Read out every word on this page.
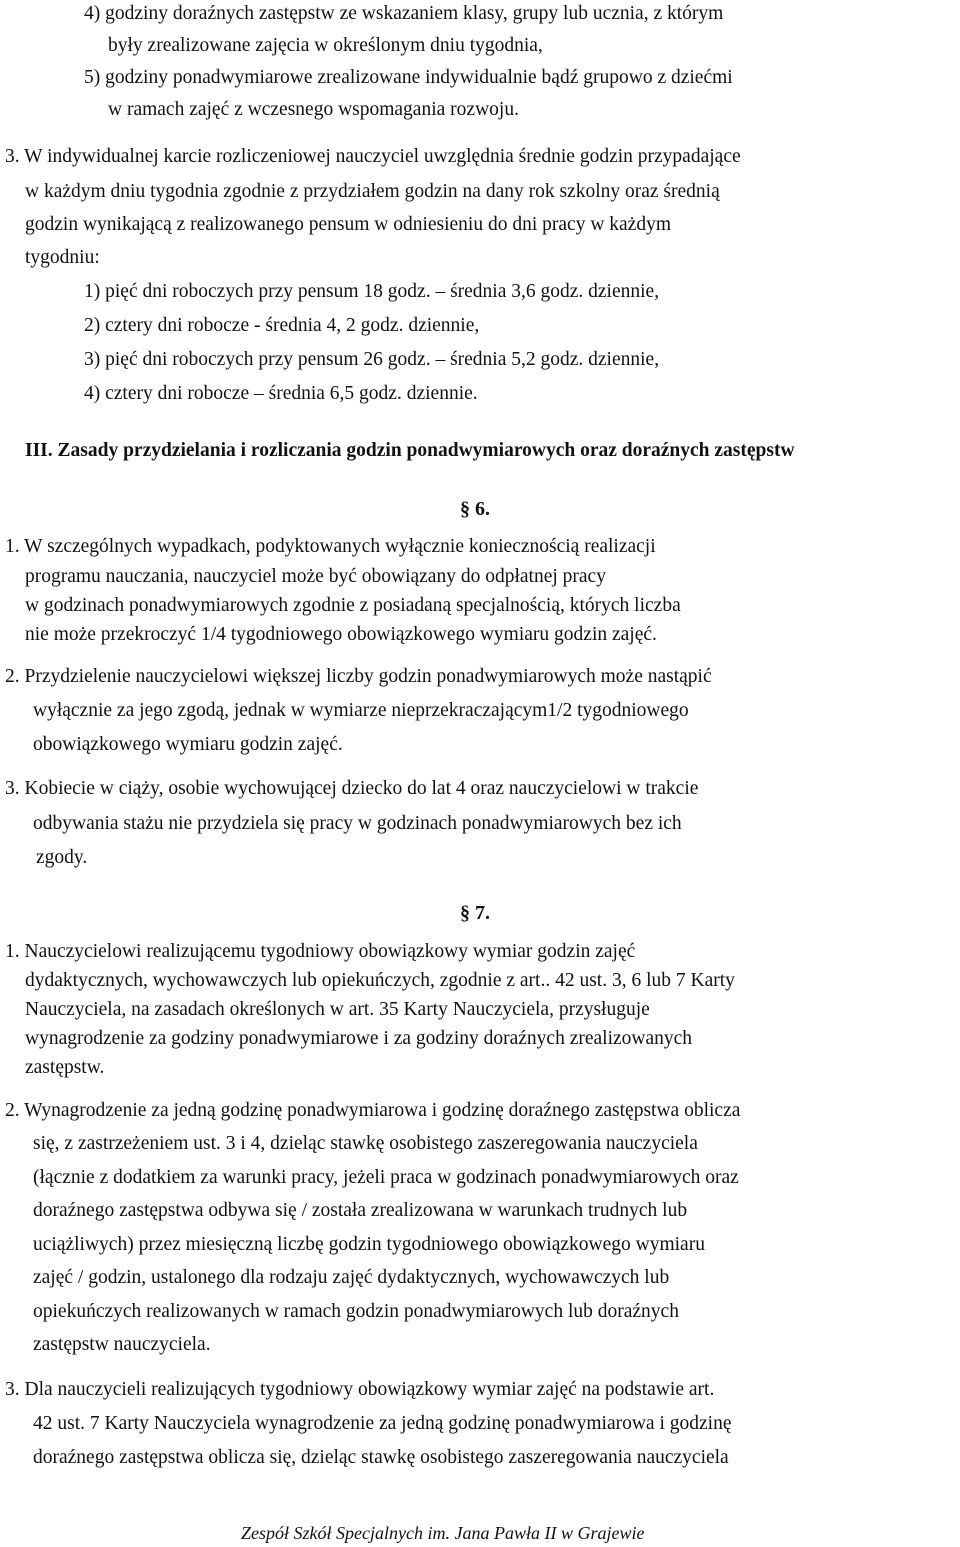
4) godziny doraźnych zastępstw ze wskazaniem klasy, grupy lub ucznia, z którym

były zrealizowane zajęcia w określonym dniu tygodnia,

5) godziny ponadwymiarowe zrealizowane indywidualnie bądź grupowo z dziećmi

w ramach zajęć z wczesnego wspomagania rozwoju.

3. W indywidualnej karcie rozliczeniowej nauczyciel uwzględnia średnie godzin przypadające

w każdym dniu tygodnia zgodnie z przydziałem godzin na dany rok szkolny oraz średnią

godzin wynikającą z realizowanego pensum w odniesieniu do dni pracy w każdym

tygodniu:

1) pięć dni roboczych przy pensum 18 godz. – średnia 3,6 godz. dziennie,

2) cztery dni robocze - średnia 4, 2 godz. dziennie,

3) pięć dni roboczych przy pensum 26 godz. – średnia 5,2 godz. dziennie,

4) cztery dni robocze – średnia 6,5 godz. dziennie.

III. Zasady przydzielania i rozliczania godzin ponadwymiarowych oraz doraźnych zastępstw

§ 6.

1. W szczególnych wypadkach, podyktowanych wyłącznie koniecznością realizacji

programu nauczania, nauczyciel może być obowiązany do odpłatnej pracy

w godzinach ponadwymiarowych zgodnie z posiadaną specjalnością, których liczba

nie może przekroczyć 1/4 tygodniowego obowiązkowego wymiaru godzin zajęć.

2. Przydzielenie nauczycielowi większej liczby godzin ponadwymiarowych może nastąpić

wyłącznie za jego zgodą, jednak w wymiarze nieprzekraczającym1/2 tygodniowego

obowiązkowego wymiaru godzin zajęć.

3. Kobiecie w ciąży, osobie wychowującej dziecko do lat 4 oraz nauczycielowi w trakcie

odbywania stażu nie przydziela się pracy w godzinach ponadwymiarowych bez ich

zgody.

§ 7.

1. Nauczycielowi realizującemu tygodniowy obowiązkowy wymiar godzin zajęć

dydaktycznych, wychowawczych lub opiekuńczych, zgodnie z art.. 42 ust. 3, 6 lub 7 Karty

Nauczyciela, na zasadach określonych w art. 35 Karty Nauczyciela, przysługuje

wynagrodzenie za godziny ponadwymiarowe i za godziny doraźnych zrealizowanych

zastępstw.

2. Wynagrodzenie za jedną godzinę ponadwymiarowa i godzinę doraźnego zastępstwa oblicza

się, z zastrzeżeniem ust. 3 i 4, dzieląc stawkę osobistego zaszeregowania nauczyciela

(łącznie z dodatkiem za warunki pracy, jeżeli praca w godzinach ponadwymiarowych oraz

doraźnego zastępstwa odbywa się / została zrealizowana w warunkach trudnych lub

uciążliwych) przez miesięczną liczbę godzin tygodniowego obowiązkowego wymiaru

zajęć / godzin, ustalonego dla rodzaju zajęć dydaktycznych, wychowawczych lub

opiekuńczych realizowanych w ramach godzin ponadwymiarowych lub doraźnych

zastępstw nauczyciela.

3. Dla nauczycieli realizujących tygodniowy obowiązkowy wymiar zajęć na podstawie art.

42 ust. 7 Karty Nauczyciela wynagrodzenie za jedną godzinę ponadwymiarowa i godzinę

doraźnego zastępstwa oblicza się, dzieląc stawkę osobistego zaszeregowania nauczyciela

Zespół Szkół Specjalnych im. Jana Pawła II w Grajewie
